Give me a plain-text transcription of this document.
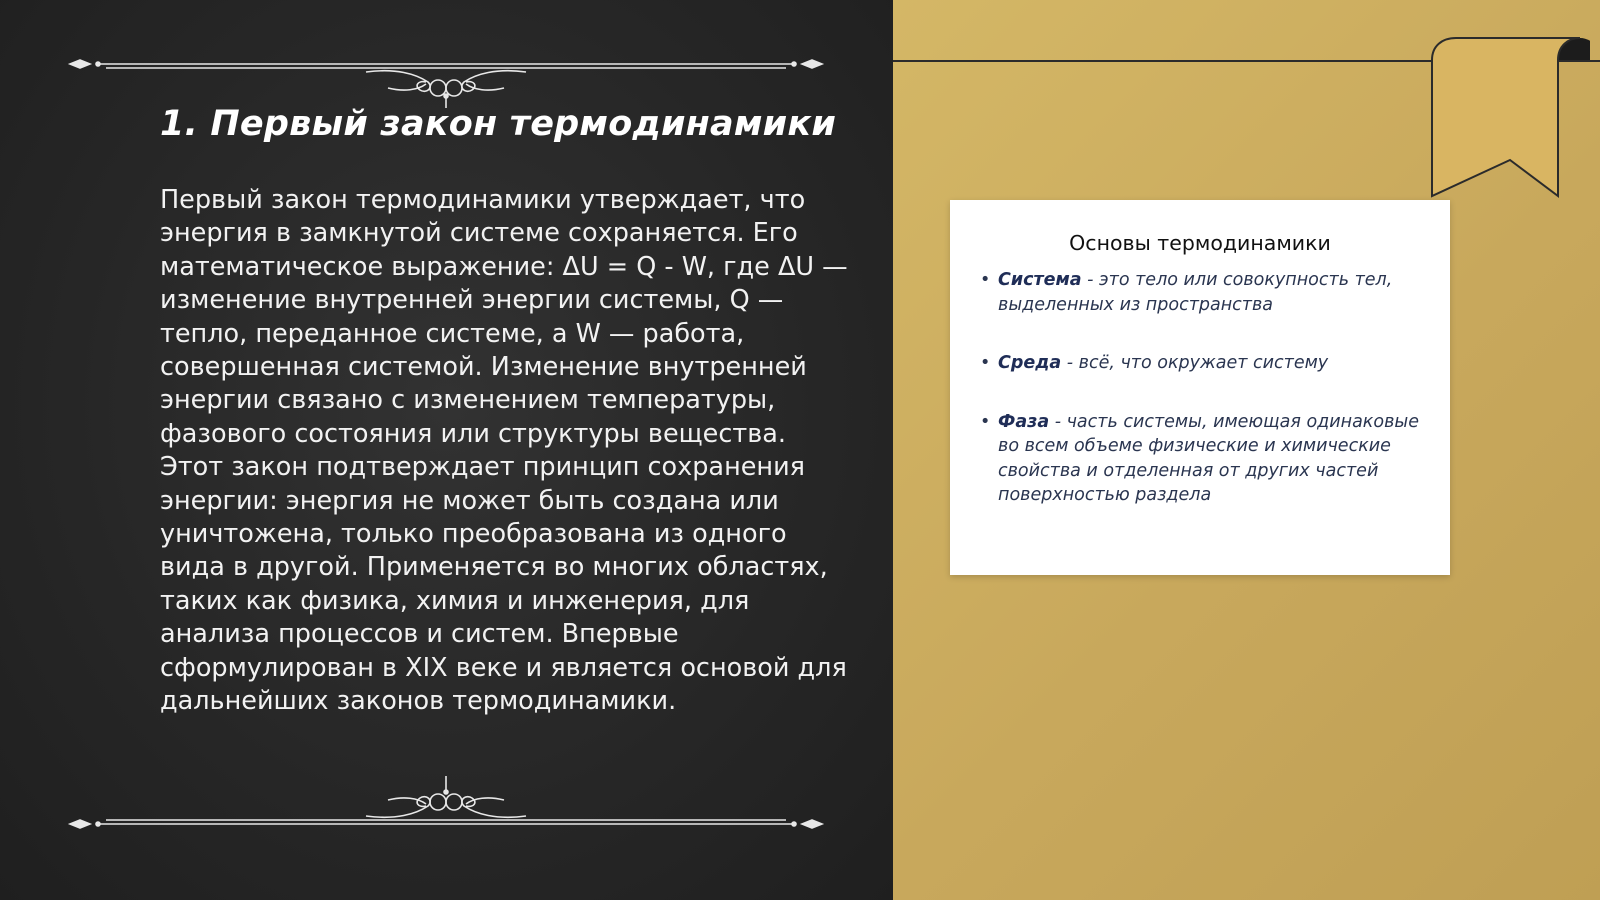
1. Первый закон термодинамики

Первый закон термодинамики утверждает, что энергия в замкнутой системе сохраняется. Его математическое выражение: ΔU = Q - W, где ΔU — изменение внутренней энергии системы, Q — тепло, переданное системе, а W — работа, совершенная системой. Изменение внутренней энергии связано с изменением температуры, фазового состояния или структуры вещества. Этот закон подтверждает принцип сохранения энергии: энергия не может быть создана или уничтожена, только преобразована из одного вида в другой. Применяется во многих областях, таких как физика, химия и инженерия, для анализа процессов и систем. Впервые сформулирован в XIX веке и является основой для дальнейших законов термодинамики.

Основы термодинамики
• Система - это тело или совокупность тел, выделенных из пространства
• Среда - всё, что окружает систему
• Фаза - часть системы, имеющая одинаковые во всем объеме физические и химические свойства и отделенная от других частей поверхностью раздела
